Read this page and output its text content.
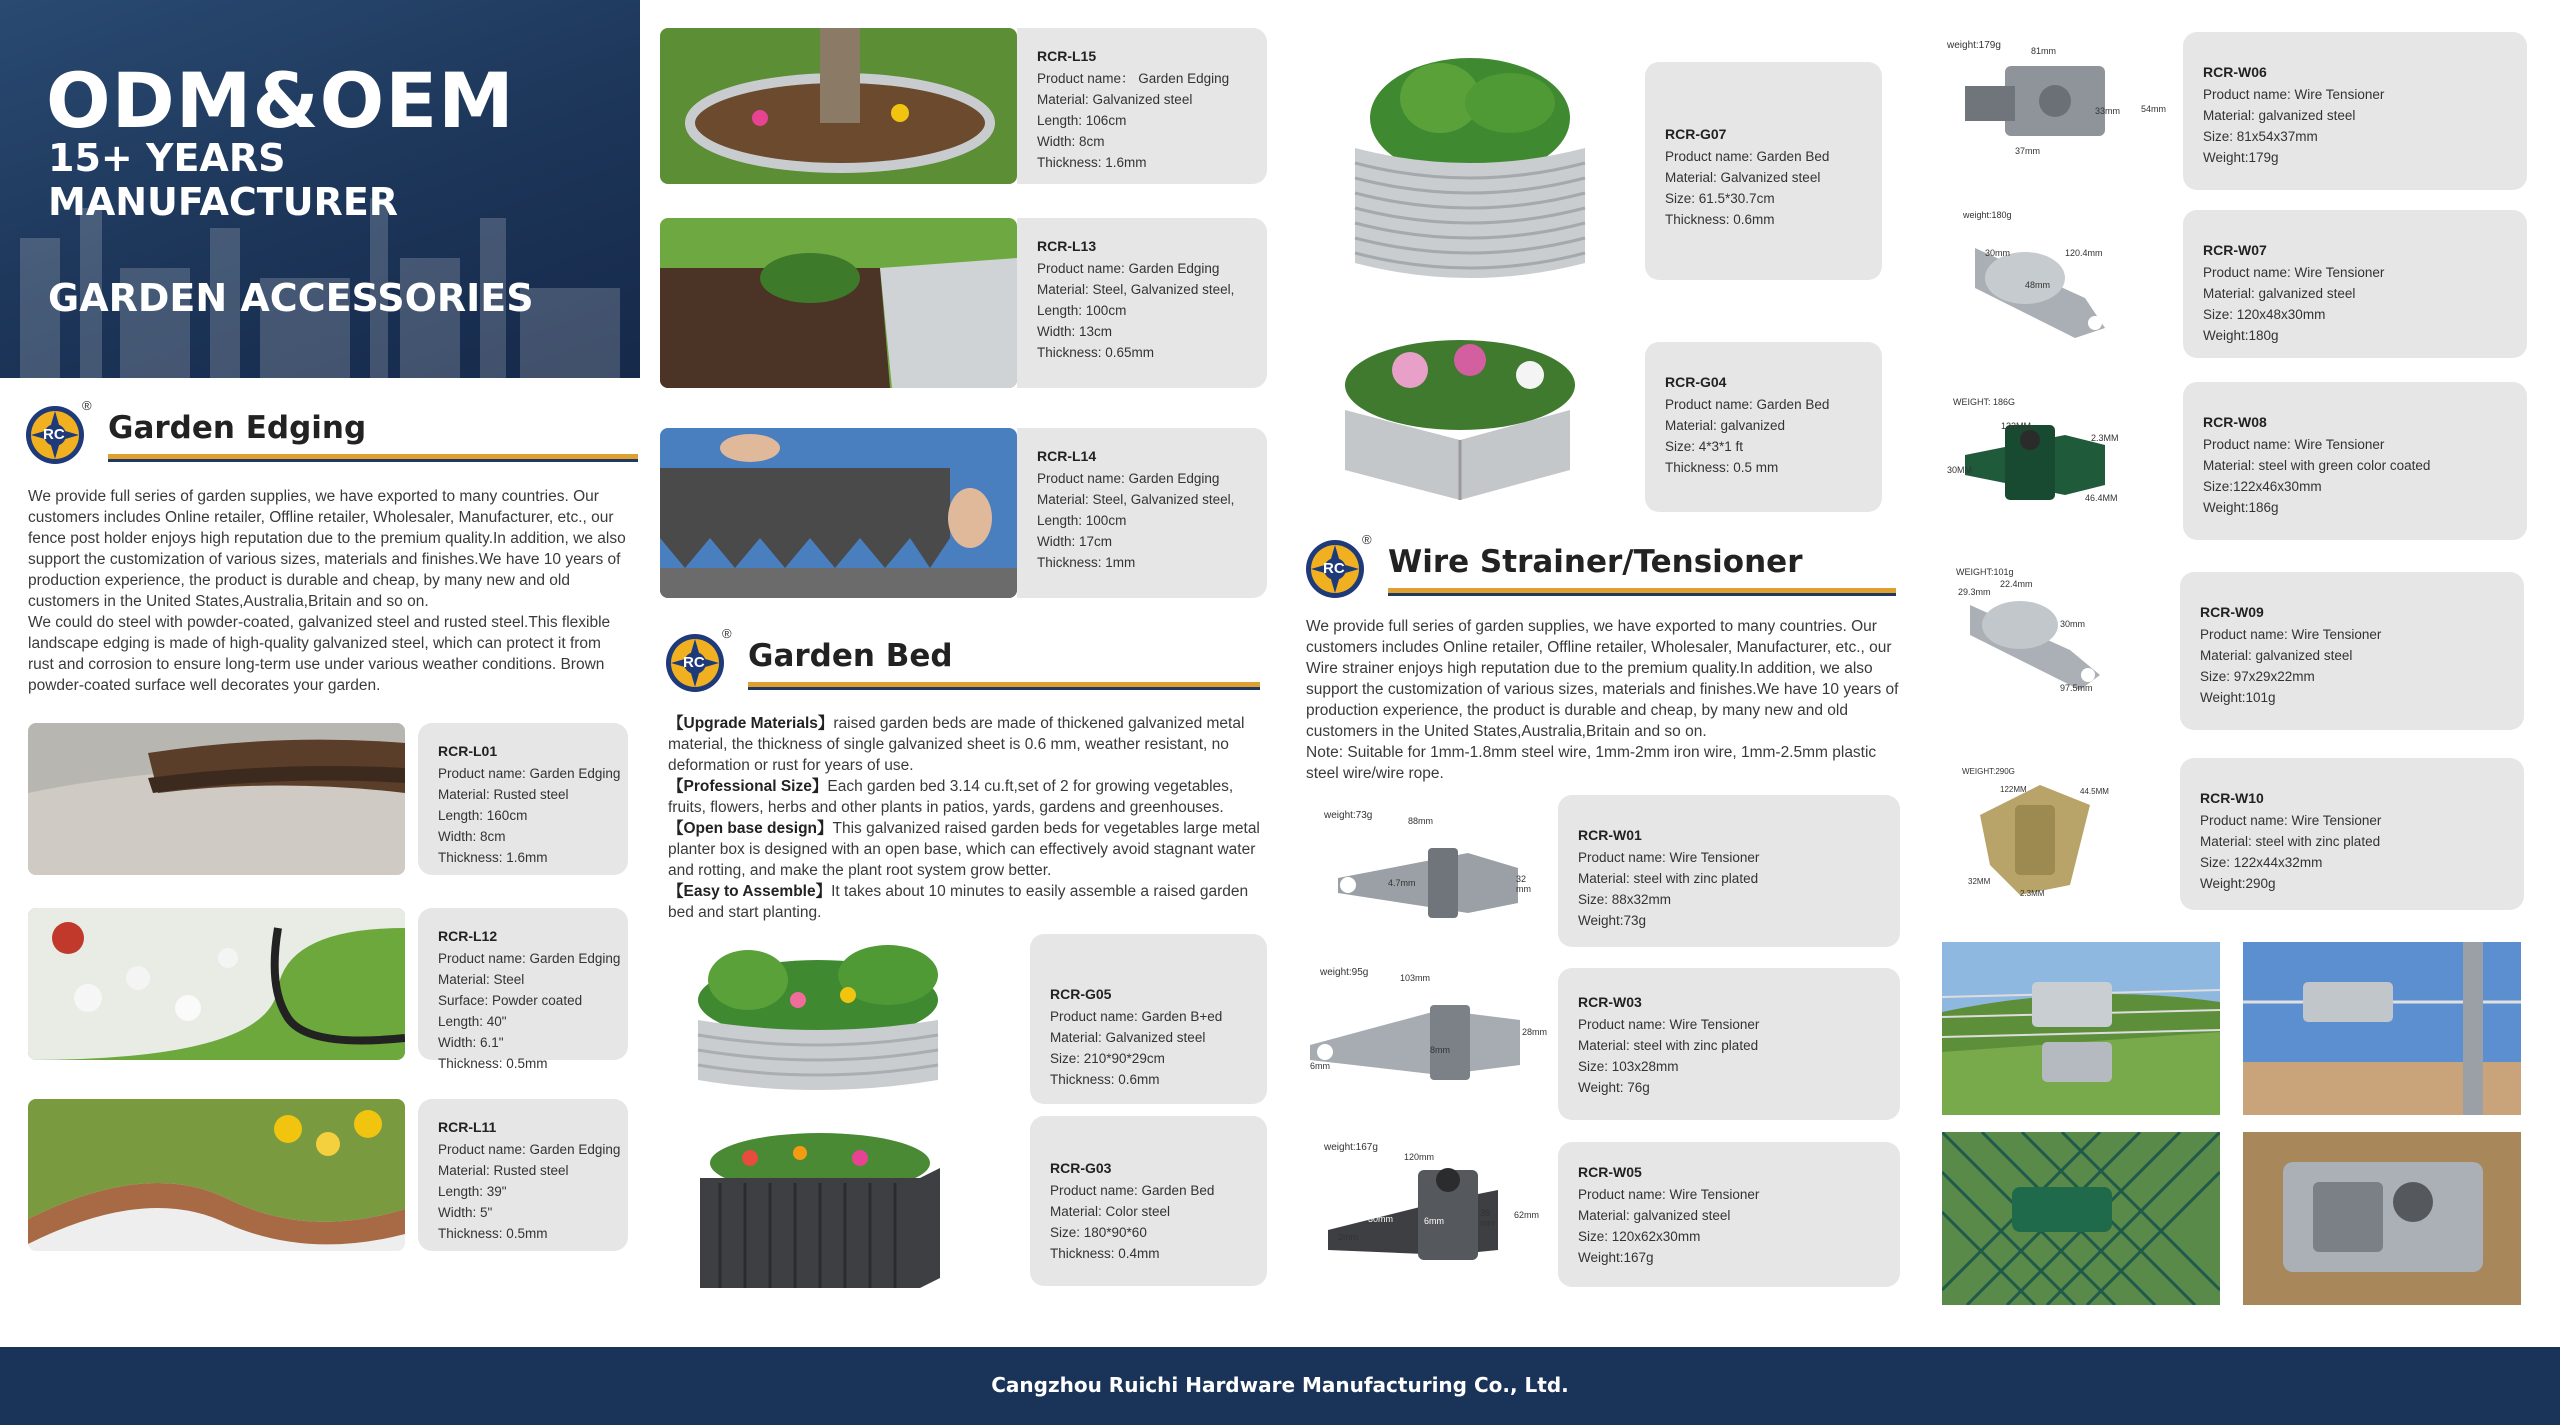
ODM&OEM
15+ YEARS MANUFACTURER
GARDEN ACCESSORIES
RC
®
Garden Edging

We provide full series of garden supplies, we have exported to many countries. Our customers includes Online retailer, Offline retailer, Wholesaler, Manufacturer, etc., our fence post holder enjoys high reputation due to the premium quality.In addition, we also support the customization of various sizes, materials and finishes.We have 10 years of production experience, the product is durable and cheap, by many new and old customers in the United States,Australia,Britain and so on.

We could do steel with powder-coated, galvanized steel and rusted steel.This flexible landscape edging is made of high-quality galvanized steel, which can protect it from rust and corrosion to ensure long-term use under various weather conditions. Brown powder-coated surface well decorates your garden.

RCR-L01
Product name: Garden Edging
Material: Rusted steel
Length: 160cm
Width: 8cm
Thickness: 1.6mm
RCR-L12
Product name: Garden Edging
Material: Steel
Surface: Powder coated
Length: 40"
Width: 6.1"
Thickness: 0.5mm
RCR-L11
Product name: Garden Edging
Material: Rusted steel
Length: 39"
Width: 5"
Thickness: 0.5mm
RCR-L15
Product name： Garden Edging
Material: Galvanized steel
Length: 106cm
Width: 8cm
Thickness: 1.6mm
RCR-L13
Product name: Garden Edging
Material: Steel, Galvanized steel,
Length: 100cm
Width: 13cm
Thickness: 0.65mm
RCR-L14
Product name: Garden Edging
Material: Steel, Galvanized steel,
Length: 100cm
Width: 17cm
Thickness: 1mm
RC
®
Garden Bed

【Upgrade Materials】raised garden beds are made of thickened galvanized metal material, the thickness of single galvanized sheet is 0.6 mm, weather resistant, no deformation or rust for years of use.

【Professional Size】Each garden bed 3.14 cu.ft,set of 2 for growing vegetables, fruits, flowers, herbs and other plants in patios, yards, gardens and greenhouses.

【Open base design】This galvanized raised garden beds for vegetables large metal planter box is designed with an open base, which can effectively avoid stagnant water and rotting, and make the plant root system grow better.

【Easy to Assemble】It takes about 10 minutes to easily assemble a raised garden bed and start planting.

RCR-G05
Product name: Garden B+ed
Material: Galvanized steel
Size: 210*90*29cm
Thickness: 0.6mm
RCR-G03
Product name: Garden Bed
Material: Color steel
Size: 180*90*60
Thickness: 0.4mm
RCR-G07
Product name: Garden Bed
Material: Galvanized steel
Size: 61.5*30.7cm
Thickness: 0.6mm
RCR-G04
Product name: Garden Bed
Material: galvanized
Size: 4*3*1 ft
Thickness: 0.5 mm
RC
®
Wire Strainer/Tensioner

We provide full series of garden supplies, we have exported to many countries. Our customers includes Online retailer, Offline retailer, Wholesaler, Manufacturer, etc., our Wire strainer enjoys high reputation due to the premium quality.In addition, we also support the customization of various sizes, materials and finishes.We have 10 years of production experience, the product is durable and cheap, by many new and old customers in the United States,Australia,Britain and so on.

Note: Suitable for 1mm-1.8mm steel wire, 1mm-2mm iron wire, 1mm-2.5mm plastic steel wire/wire rope.

weight:73g	88mm
4.7mm	32 mm
RCR-W01
Product name: Wire Tensioner
Material: steel with zinc plated
Size: 88x32mm
Weight:73g
weight:95g	103mm
28mm
6mm
8mm
RCR-W03
Product name: Wire Tensioner
Material: steel with zinc plated
Size: 103x28mm
Weight: 76g
weight:167g
120mm
30mm	6mm
38 mm
62mm
2mm
RCR-W05
Product name: Wire Tensioner
Material: galvanized steel
Size: 120x62x30mm
Weight:167g
weight:179g	81mm
54mm
33mm
37mm
RCR-W06
Product name: Wire Tensioner
Material: galvanized steel
Size: 81x54x37mm
Weight:179g
weight:180g
120.4mm
30mm
48mm
RCR-W07
Product name: Wire Tensioner
Material: galvanized steel
Size: 120x48x30mm
Weight:180g
WEIGHT: 186G
122MM
2.3MM
30MM
46.4MM
RCR-W08
Product name: Wire Tensioner
Material: steel with green color coated
Size:122x46x30mm
Weight:186g
WEIGHT:101g
97.5mm
29.3mm
22.4mm
30mm
RCR-W09
Product name: Wire Tensioner
Material: galvanized steel
Size: 97x29x22mm
Weight:101g
WEIGHT:290G
122MM	44.5MM
32MM
2.3MM
RCR-W10
Product name: Wire Tensioner
Material: steel with zinc plated
Size: 122x44x32mm
Weight:290g
Cangzhou Ruichi Hardware Manufacturing Co., Ltd.
